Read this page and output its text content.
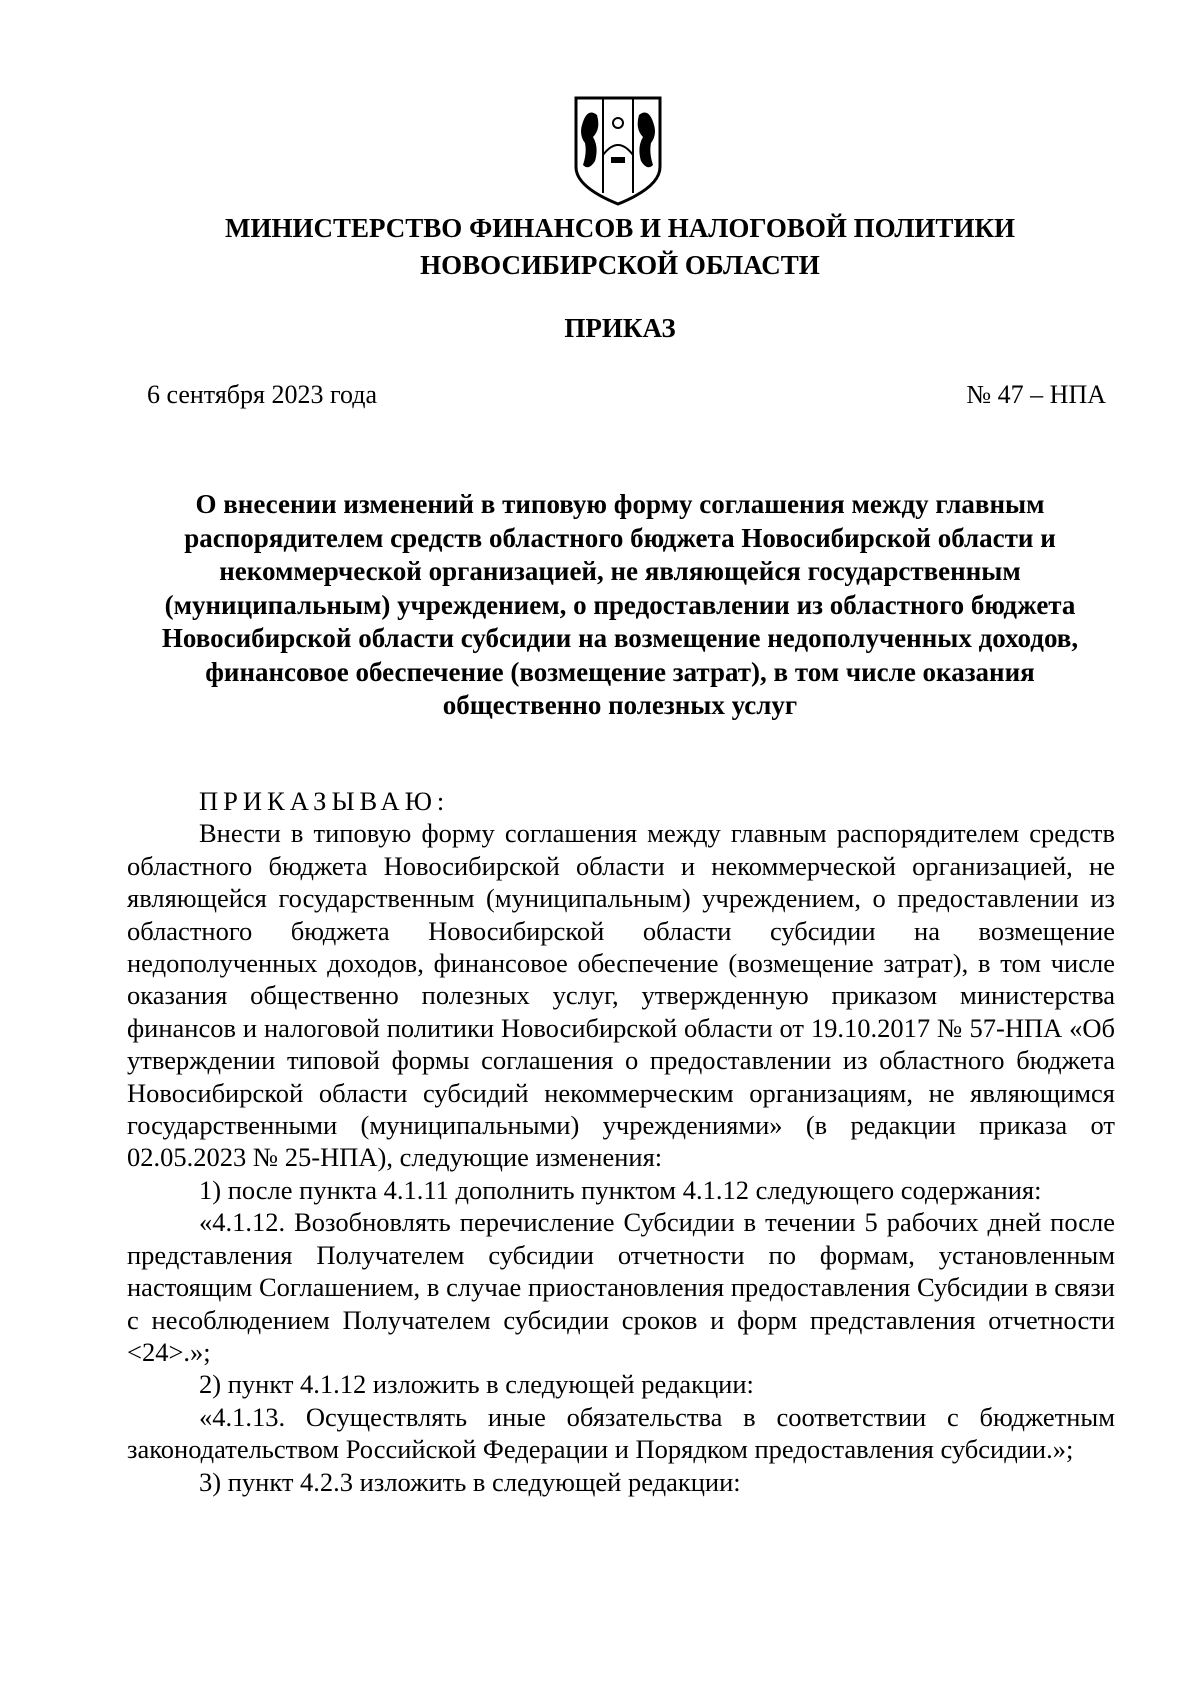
МИНИСТЕРСТВО ФИНАНСОВ И НАЛОГОВОЙ ПОЛИТИКИ
НОВОСИБИРСКОЙ ОБЛАСТИ
ПРИКАЗ
6 сентября 2023 года	№ 47 – НПА
О внесении изменений в типовую форму соглашения между главным распорядителем средств областного бюджета Новосибирской области и некоммерческой организацией, не являющейся государственным (муниципальным) учреждением, о предоставлении из областного бюджета Новосибирской области субсидии на возмещение недополученных доходов, финансовое обеспечение (возмещение затрат), в том числе оказания общественно полезных услуг

ПРИКАЗЫВАЮ:

Внести в типовую форму соглашения между главным распорядителем средств областного бюджета Новосибирской области и некоммерческой организацией, не являющейся государственным (муниципальным) учреждением, о предоставлении из областного бюджета Новосибирской области субсидии на возмещение недополученных доходов, финансовое обеспечение (возмещение затрат), в том числе оказания общественно полезных услуг, утвержденную приказом министерства финансов и налоговой политики Новосибирской области от 19.10.2017 № 57-НПА «Об утверждении типовой формы соглашения о предоставлении из областного бюджета Новосибирской области субсидий некоммерческим организациям, не являющимся государственными (муниципальными) учреждениями» (в редакции приказа от 02.05.2023 № 25-НПА), следующие изменения:

1) после пункта 4.1.11 дополнить пунктом 4.1.12 следующего содержания:

«4.1.12. Возобновлять перечисление Субсидии в течении 5 рабочих дней после представления Получателем субсидии отчетности по формам, установленным настоящим Соглашением, в случае приостановления предоставления Субсидии в связи с несоблюдением Получателем субсидии сроков и форм представления отчетности <24>.»;

2) пункт 4.1.12 изложить в следующей редакции:

«4.1.13. Осуществлять иные обязательства в соответствии с бюджетным законодательством Российской Федерации и Порядком предоставления субсидии.»;

3) пункт 4.2.3 изложить в следующей редакции:
